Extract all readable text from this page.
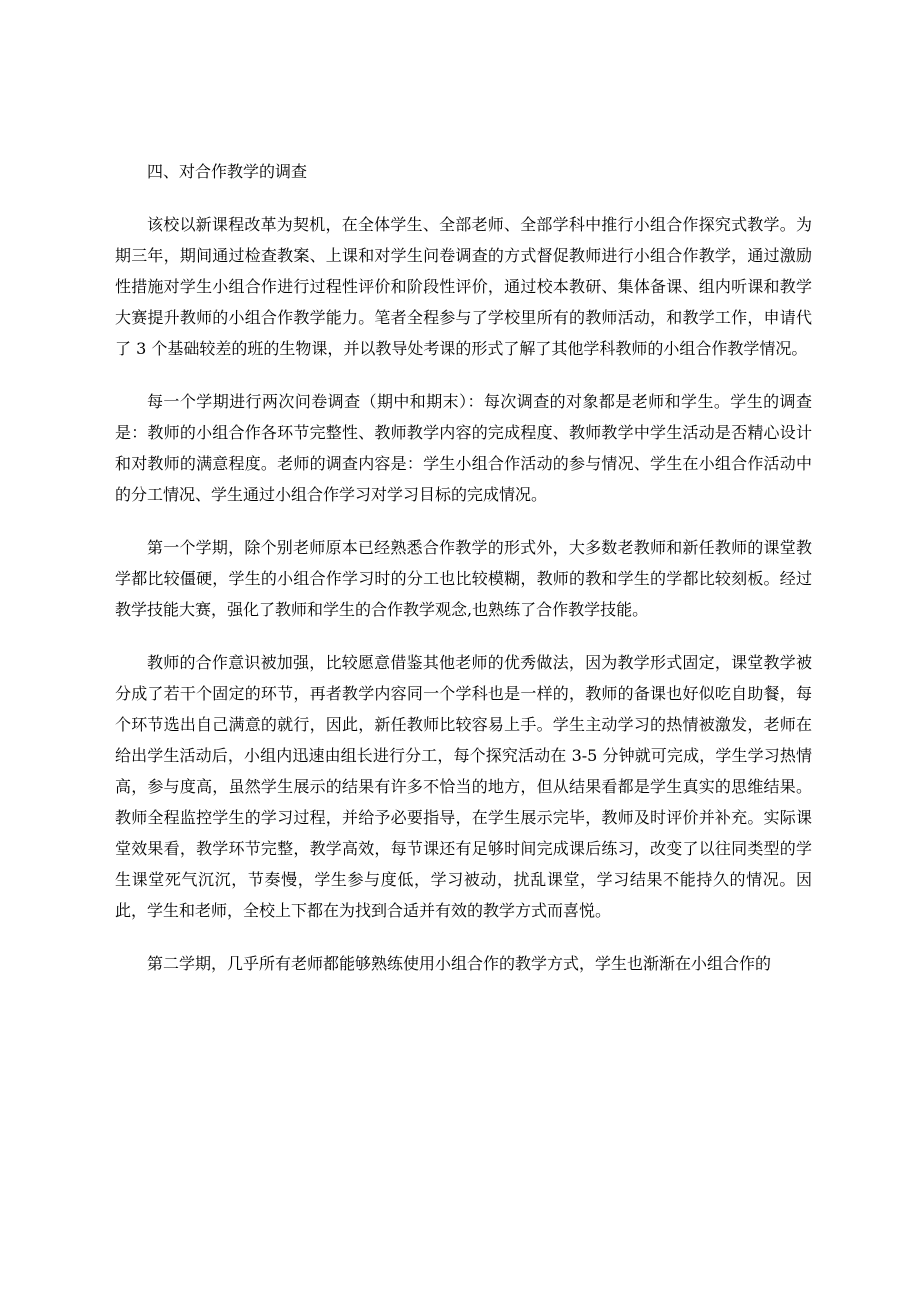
四、对合作教学的调查

该校以新课程改革为契机，在全体学生、全部老师、全部学科中推行小组合作探究式教学。为期三年，期间通过检查教案、上课和对学生问卷调查的方式督促教师进行小组合作教学，通过激励性措施对学生小组合作进行过程性评价和阶段性评价，通过校本教研、集体备课、组内听课和教学大赛提升教师的小组合作教学能力。笔者全程参与了学校里所有的教师活动，和教学工作，申请代了 3 个基础较差的班的生物课，并以教导处考课的形式了解了其他学科教师的小组合作教学情况。

每一个学期进行两次问卷调查（期中和期末）：每次调查的对象都是老师和学生。学生的调查是：教师的小组合作各环节完整性、教师教学内容的完成程度、教师教学中学生活动是否精心设计和对教师的满意程度。老师的调查内容是：学生小组合作活动的参与情况、学生在小组合作活动中的分工情况、学生通过小组合作学习对学习目标的完成情况。

第一个学期，除个别老师原本已经熟悉合作教学的形式外，大多数老教师和新任教师的课堂教学都比较僵硬，学生的小组合作学习时的分工也比较模糊，教师的教和学生的学都比较刻板。经过教学技能大赛，强化了教师和学生的合作教学观念,也熟练了合作教学技能。

教师的合作意识被加强，比较愿意借鉴其他老师的优秀做法，因为教学形式固定，课堂教学被分成了若干个固定的环节，再者教学内容同一个学科也是一样的，教师的备课也好似吃自助餐，每个环节选出自己满意的就行，因此，新任教师比较容易上手。学生主动学习的热情被激发，老师在给出学生活动后，小组内迅速由组长进行分工，每个探究活动在 3-5 分钟就可完成，学生学习热情高，参与度高，虽然学生展示的结果有许多不恰当的地方，但从结果看都是学生真实的思维结果。教师全程监控学生的学习过程，并给予必要指导，在学生展示完毕，教师及时评价并补充。实际课堂效果看，教学环节完整，教学高效，每节课还有足够时间完成课后练习，改变了以往同类型的学生课堂死气沉沉，节奏慢，学生参与度低，学习被动，扰乱课堂，学习结果不能持久的情况。因此，学生和老师，全校上下都在为找到合适并有效的教学方式而喜悦。

第二学期，几乎所有老师都能够熟练使用小组合作的教学方式，学生也渐渐在小组合作的
